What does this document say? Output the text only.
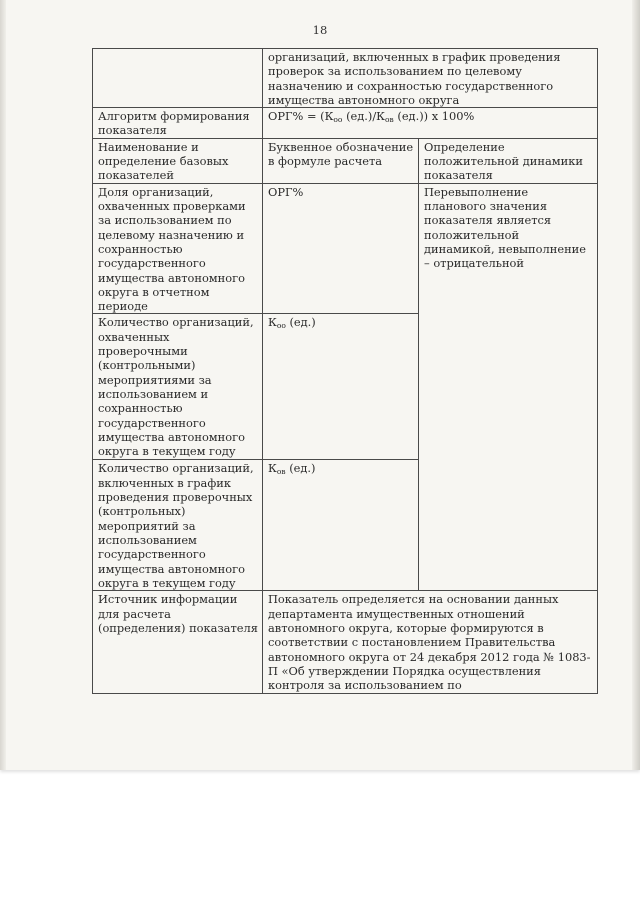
18
	организаций, включенных в график проведения проверок за использованием по целевому назначению и сохранностью государственного имущества автономного округа	
Алгоритм формирования показателя	$ОРГ\% = (К_{оо}$ $(ед.)/К_{ов}$ (ед.)) х 100%	
Наименование и определение базовых показателей	Буквенное обозначение в формуле расчета	Определение положительной динамики показателя
Доля организаций, охваченных проверками за использованием по целевому назначению и сохранностью государственного имущества автономного округа в отчетном периоде	ОРГ%	Перевыполнение планового значения показателя является положительной динамикой, невыполнение – отрицательной
Количество организаций, охваченных проверочными (контрольными) мероприятиями за использованием и сохранностью государственного имущества автономного округа в текущем году	$К_{оо}$ (ед.)	
Количество организаций, включенных в график проведения проверочных (контрольных) мероприятий за использованием государственного имущества автономного округа в текущем году	$К_{ов}$ (ед.)	
Источник информации для расчета (определения) показателя	Показатель определяется на основании данных департамента имущественных отношений автономного округа, которые формируются в соответствии с постановлением Правительства автономного округа от 24 декабря 2012 года № 1083-П «Об утверждении Порядка осуществления контроля за использованием по	
